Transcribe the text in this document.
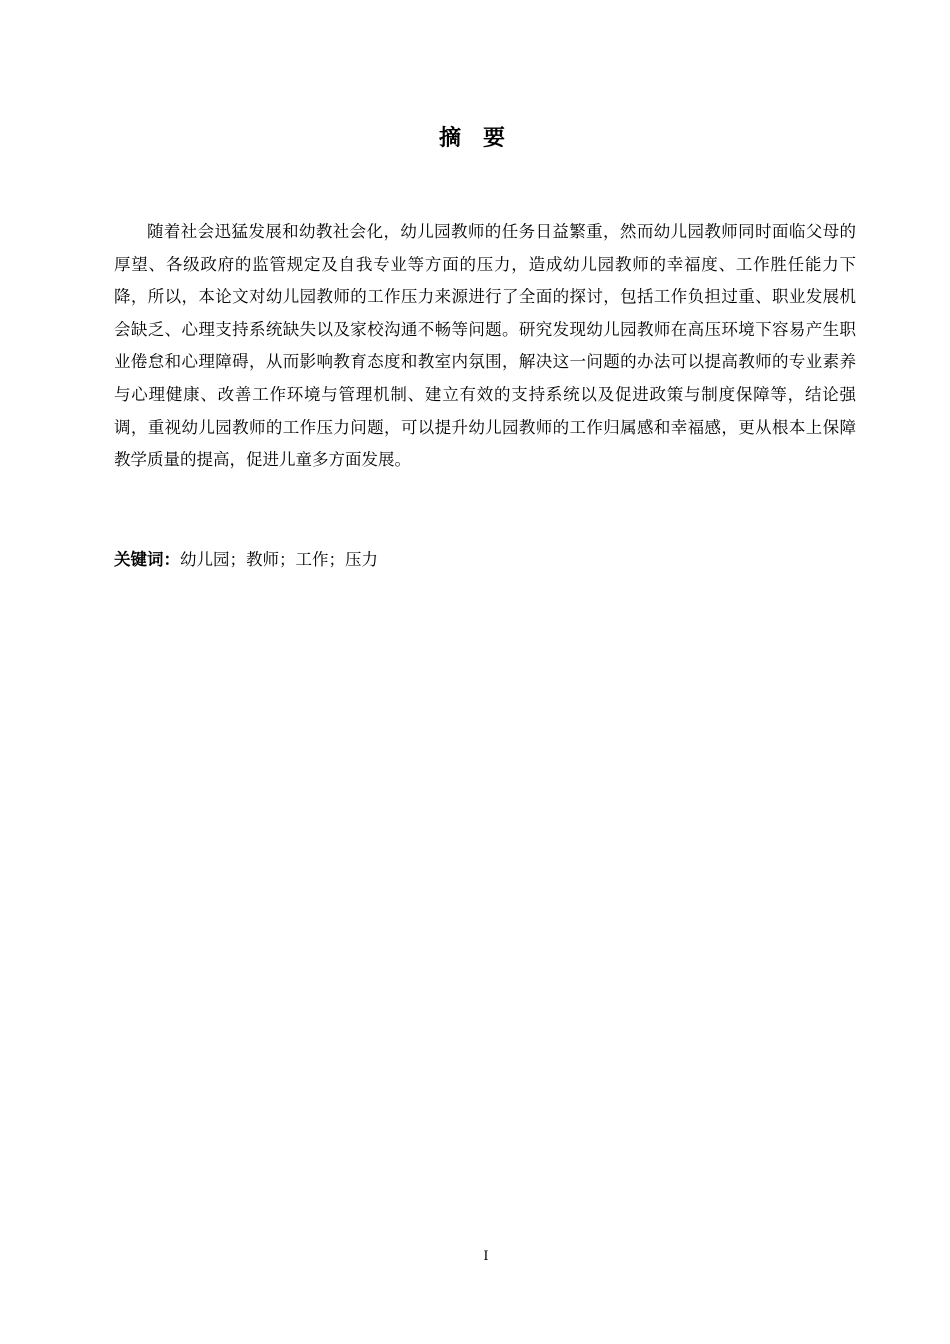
摘要

随着社会迅猛发展和幼教社会化，幼儿园教师的任务日益繁重，然而幼儿园教师同时面临父母的厚望、各级政府的监管规定及自我专业等方面的压力，造成幼儿园教师的幸福度、工作胜任能力下降，所以，本论文对幼儿园教师的工作压力来源进行了全面的探讨，包括工作负担过重、职业发展机会缺乏、心理支持系统缺失以及家校沟通不畅等问题。研究发现幼儿园教师在高压环境下容易产生职业倦怠和心理障碍，从而影响教育态度和教室内氛围，解决这一问题的办法可以提高教师的专业素养与心理健康、改善工作环境与管理机制、建立有效的支持系统以及促进政策与制度保障等，结论强调，重视幼儿园教师的工作压力问题，可以提升幼儿园教师的工作归属感和幸福感，更从根本上保障教学质量的提高，促进儿童多方面发展。

关键词：幼儿园；教师；工作；压力

I
